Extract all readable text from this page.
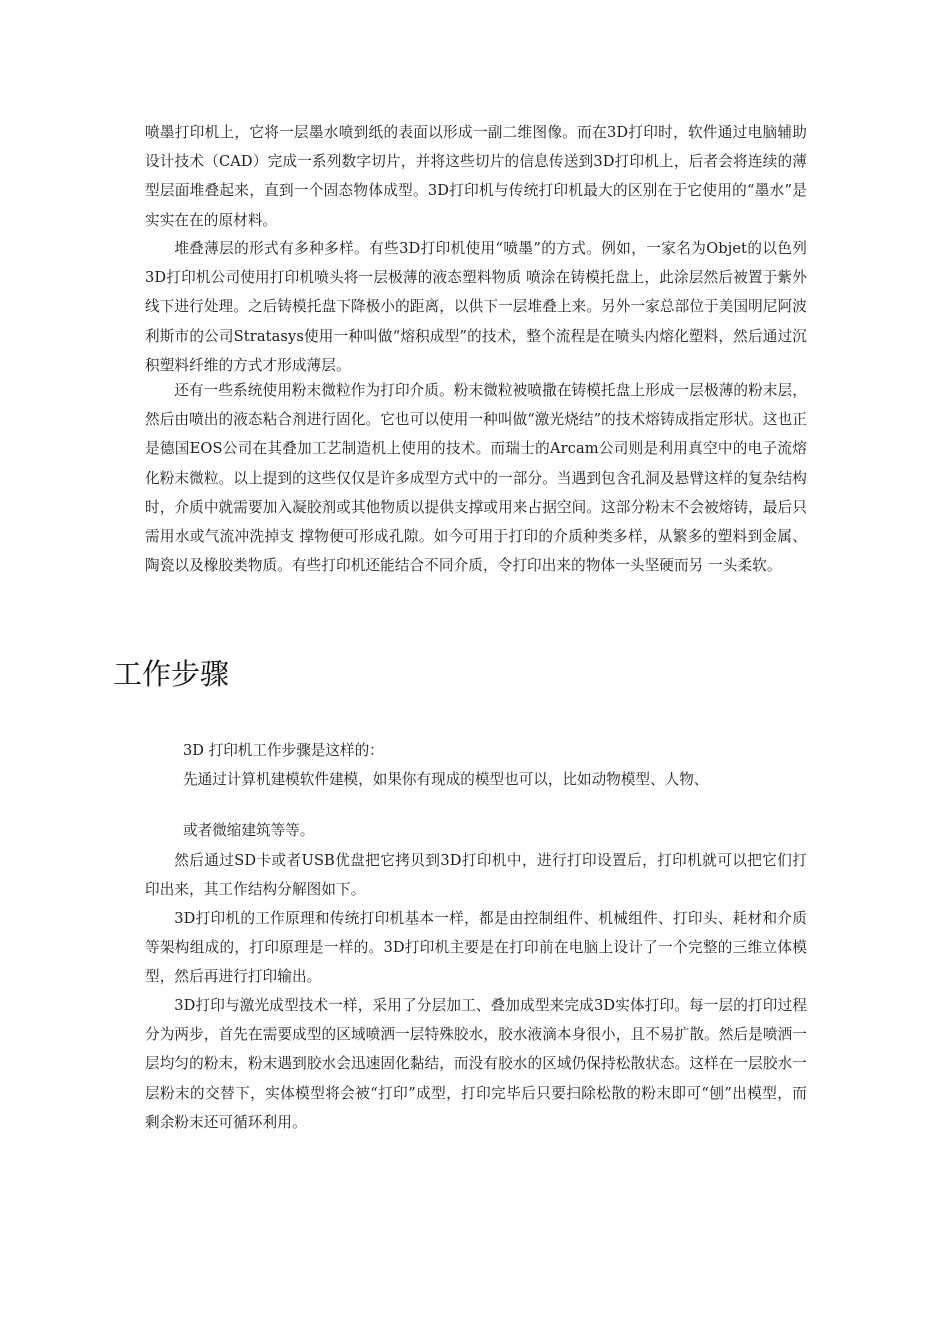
喷墨打印机上，它将一层墨水喷到纸的表面以形成一副二维图像。而在3D打印时，软件通过电脑辅助设计技术（CAD）完成一系列数字切片，并将这些切片的信息传送到3D打印机上，后者会将连续的薄型层面堆叠起来，直到一个固态物体成型。3D打印机与传统打印机最大的区别在于它使用的“墨水”是实实在在的原材料。

堆叠薄层的形式有多种多样。有些3D打印机使用“喷墨”的方式。例如，一家名为Objet的以色列3D打印机公司使用打印机喷头将一层极薄的液态塑料物质 喷涂在铸模托盘上，此涂层然后被置于紫外线下进行处理。之后铸模托盘下降极小的距离，以供下一层堆叠上来。另外一家总部位于美国明尼阿波利斯市的公司Stratasys使用一种叫做“熔积成型”的技术，整个流程是在喷头内熔化塑料，然后通过沉积塑料纤维的方式才形成薄层。

还有一些系统使用粉末微粒作为打印介质。粉末微粒被喷撒在铸模托盘上形成一层极薄的粉末层，然后由喷出的液态粘合剂进行固化。它也可以使用一种叫做“激光烧结”的技术熔铸成指定形状。这也正是德国EOS公司在其叠加工艺制造机上使用的技术。而瑞士的Arcam公司则是利用真空中的电子流熔化粉末微粒。以上提到的这些仅仅是许多成型方式中的一部分。当遇到包含孔洞及悬臂这样的复杂结构时，介质中就需要加入凝胶剂或其他物质以提供支撑或用来占据空间。这部分粉末不会被熔铸，最后只需用水或气流冲洗掉支 撑物便可形成孔隙。如今可用于打印的介质种类多样，从繁多的塑料到金属、陶瓷以及橡胶类物质。有些打印机还能结合不同介质，令打印出来的物体一头坚硬而另 一头柔软。

工作步骤

3D 打印机工作步骤是这样的：

先通过计算机建模软件建模，如果你有现成的模型也可以，比如动物模型、人物、

或者微缩建筑等等。

然后通过SD卡或者USB优盘把它拷贝到3D打印机中，进行打印设置后，打印机就可以把它们打印出来，其工作结构分解图如下。

3D打印机的工作原理和传统打印机基本一样，都是由控制组件、机械组件、打印头、耗材和介质等架构组成的，打印原理是一样的。3D打印机主要是在打印前在电脑上设计了一个完整的三维立体模型，然后再进行打印输出。

3D打印与激光成型技术一样，采用了分层加工、叠加成型来完成3D实体打印。每一层的打印过程分为两步，首先在需要成型的区域喷洒一层特殊胶水，胶水液滴本身很小，且不易扩散。然后是喷洒一层均匀的粉末，粉末遇到胶水会迅速固化黏结，而没有胶水的区域仍保持松散状态。这样在一层胶水一层粉末的交替下，实体模型将会被“打印”成型，打印完毕后只要扫除松散的粉末即可“刨”出模型，而剩余粉末还可循环利用。
